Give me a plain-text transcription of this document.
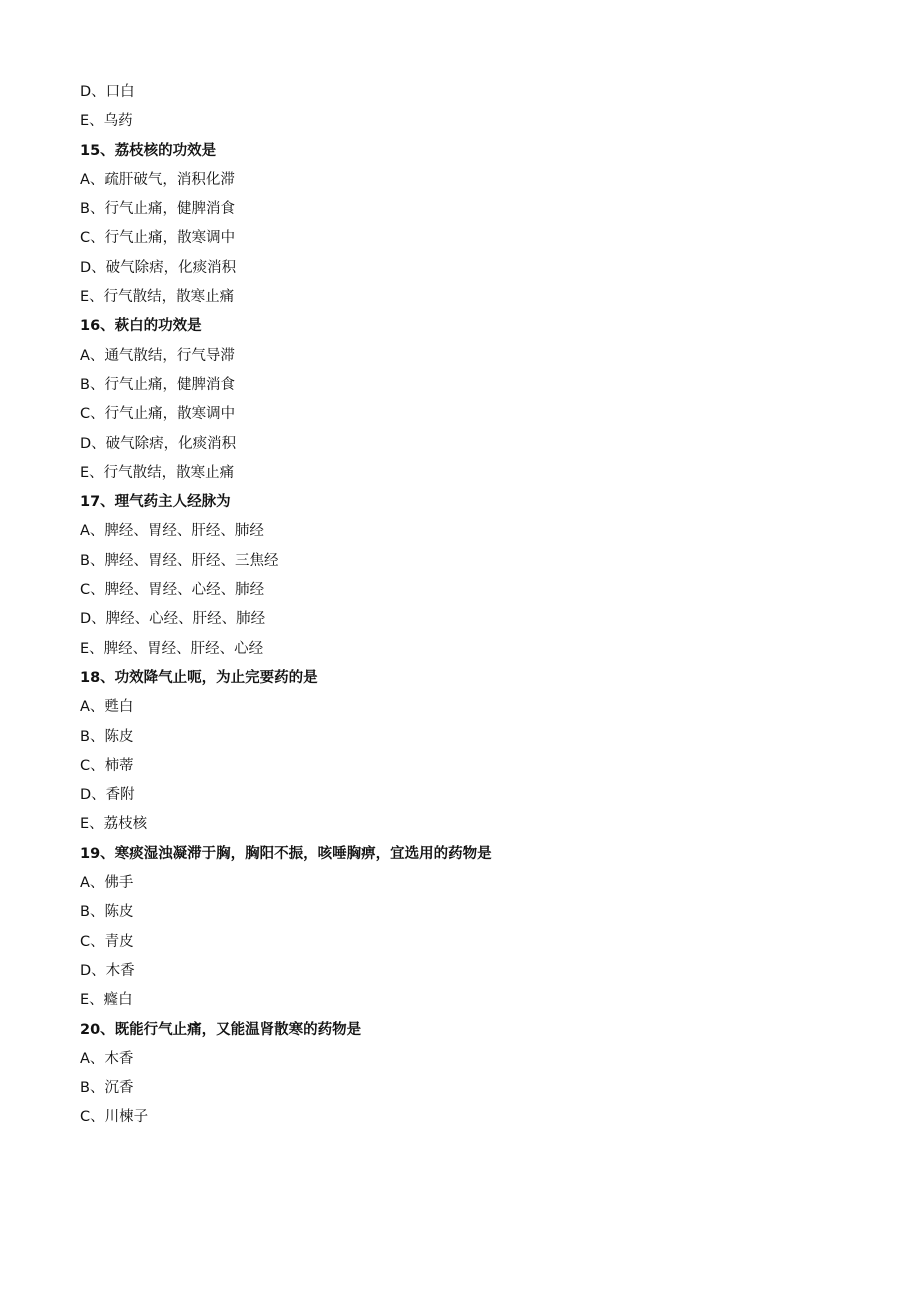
D、口白
E、乌药
15、荔枝核的功效是
A、疏肝破气，消积化滞
B、行气止痛，健脾消食
C、行气止痛，散寒调中
D、破气除痞，化痰消积
E、行气散结，散寒止痛
16、萩白的功效是
A、通气散结，行气导滞
B、行气止痛，健脾消食
C、行气止痛，散寒调中
D、破气除痞，化痰消积
E、行气散结，散寒止痛
17、理气药主人经脉为
A、脾经、胃经、肝经、肺经
B、脾经、胃经、肝经、三焦经
C、脾经、胃经、心经、肺经
D、脾经、心经、肝经、肺经
E、脾经、胃经、肝经、心经
18、功效降气止呃，为止完要药的是
A、甦白
B、陈皮
C、柿蒂
D、香附
E、荔枝核
19、寒痰湿浊凝滞于胸，胸阳不振，咳唾胸痹，宜选用的药物是
A、佛手
B、陈皮
C、青皮
D、木香
E、癃白
20、既能行气止痛，又能温肾散寒的药物是
A、木香
B、沉香
C、川楝子
